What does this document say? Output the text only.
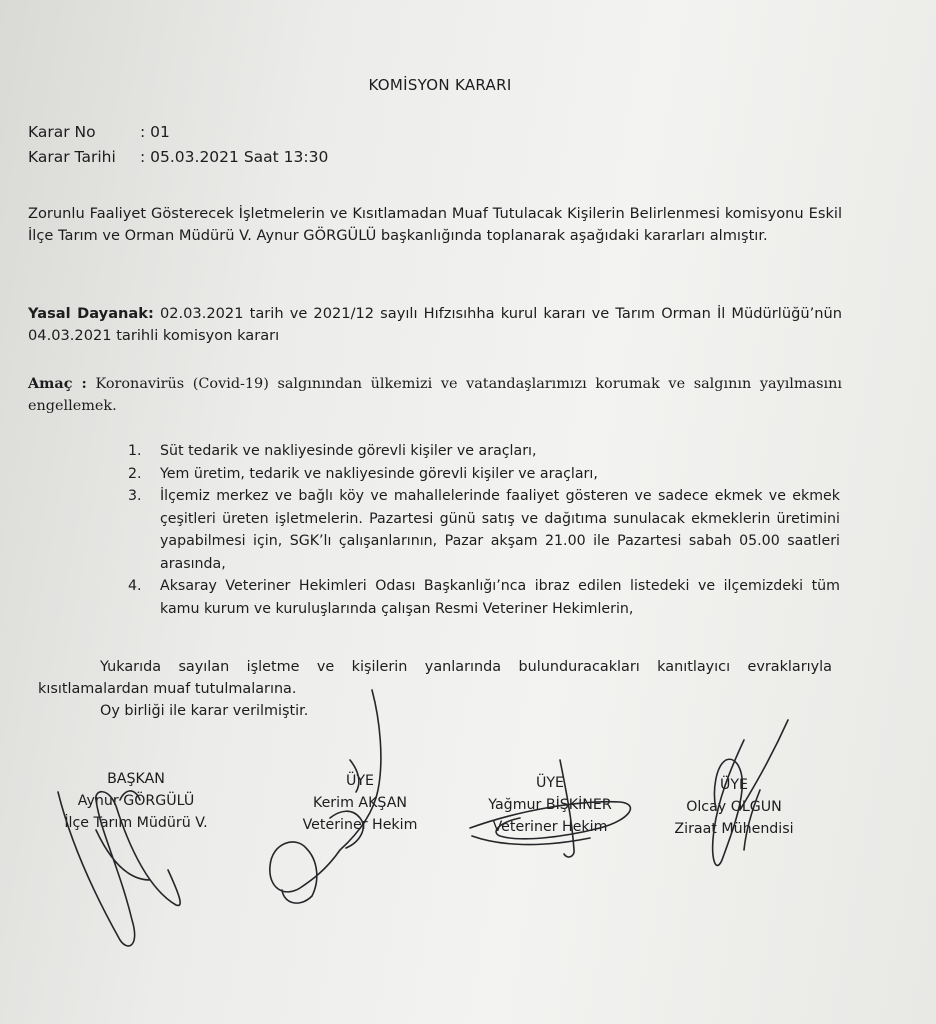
KOMİSYON KARARI
Karar No	: 01
Karar Tarihi : 05.03.2021 Saat 13:30
Zorunlu Faaliyet Gösterecek İşletmelerin ve Kısıtlamadan Muaf Tutulacak Kişilerin Belirlenmesi komisyonu Eskil İlçe Tarım ve Orman Müdürü V. Aynur GÖRGÜLÜ başkanlığında toplanarak aşağıdaki kararları almıştır.
Yasal Dayanak: 02.03.2021 tarih ve 2021/12 sayılı Hıfzısıhha kurul kararı ve Tarım Orman İl Müdürlüğü’nün 04.03.2021 tarihli komisyon kararı
Amaç : Koronavirüs (Covid-19) salgınından ülkemizi ve vatandaşlarımızı korumak ve salgının yayılmasını engellemek.
1.	Süt tedarik ve nakliyesinde görevli kişiler ve araçları,
2.	Yem üretim, tedarik ve nakliyesinde görevli kişiler ve araçları,
3.	İlçemiz merkez ve bağlı köy ve mahallelerinde faaliyet gösteren ve sadece ekmek ve ekmek çeşitleri üreten işletmelerin. Pazartesi günü satış ve dağıtıma sunulacak ekmeklerin üretimini yapabilmesi için, SGK’lı çalışanlarının, Pazar akşam 21.00 ile Pazartesi sabah 05.00 saatleri arasında,
4.	Aksaray Veteriner Hekimleri Odası Başkanlığı’nca ibraz edilen listedeki ve ilçemizdeki tüm kamu kurum ve kuruluşlarında çalışan Resmi Veteriner Hekimlerin,
Yukarıda sayılan işletme ve kişilerin yanlarında bulunduracakları kanıtlayıcı evraklarıyla kısıtlamalardan muaf tutulmalarına.
Oy birliği ile karar verilmiştir.
BAŞKAN
Aynur GÖRGÜLÜ
İlçe Tarım Müdürü V.
ÜYE
Kerim AKŞAN
Veteriner Hekim
ÜYE
Yağmur BİŞKİNER
Veteriner Hekim
ÜYE
Olcay OLGUN
Ziraat Mühendisi
